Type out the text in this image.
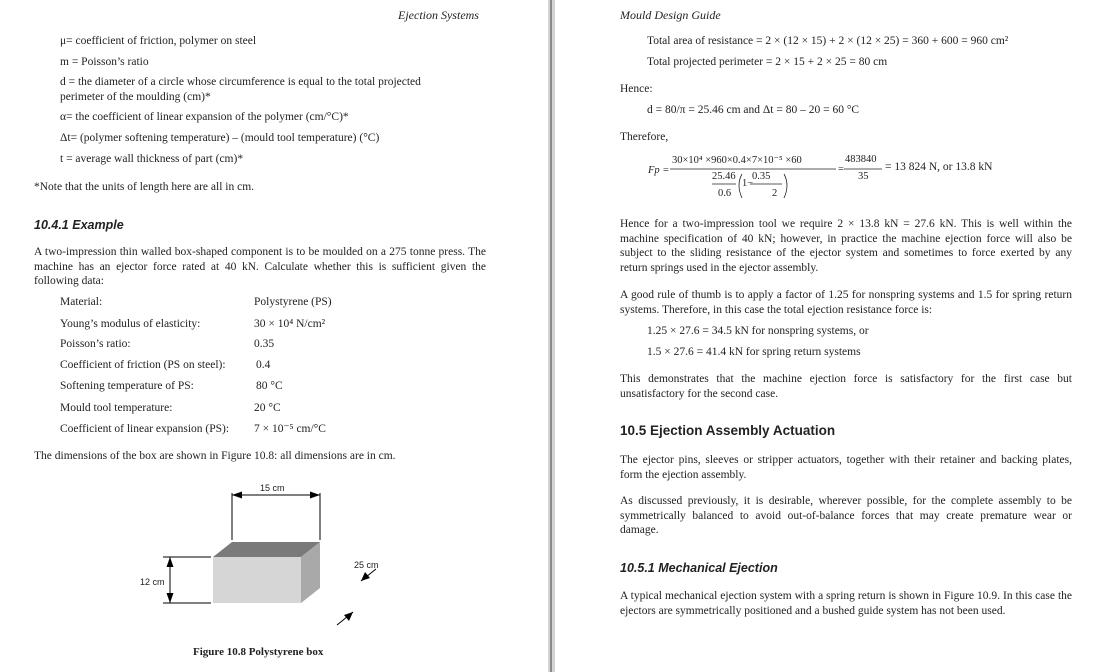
Ejection Systems
μ= coefficient of friction, polymer on steel
m = Poisson’s ratio
d = the diameter of a circle whose circumference is equal to the total projected
perimeter of the moulding (cm)*
α= the coefficient of linear expansion of the polymer (cm/°C)*
Δt= (polymer softening temperature) – (mould tool temperature) (°C)
t = average wall thickness of part (cm)*
*Note that the units of length here are all in cm.
10.4.1 Example
A two-impression thin walled box-shaped component is to be moulded on a 275 tonne press. The machine has an ejector force rated at 40 kN. Calculate whether this is sufficient given the following data:
Material:	Polystyrene (PS)
Young’s modulus of elasticity:	30 × 10⁴ N/cm²
Poisson’s ratio:	0.35
Coefficient of friction (PS on steel):	0.4
Softening temperature of PS:	80 °C
Mould tool temperature:	20 °C
Coefficient of linear expansion (PS): 7 × 10⁻⁵ cm/°C
The dimensions of the box are shown in Figure 10.8: all dimensions are in cm.
15 cm
25 cm
12 cm
Figure 10.8 Polystyrene box
Mould Design Guide
Total area of resistance = 2 × (12 × 15) + 2 × (12 × 25) = 360 + 600 = 960 cm²
Total projected perimeter = 2 × 15 + 2 × 25 = 80 cm
Hence:
d = 80/π = 25.46 cm and Δt = 80 – 20 = 60 °C
Therefore,
Hence for a two-impression tool we require 2 × 13.8 kN = 27.6 kN. This is well within the machine specification of 40 kN; however, in practice the machine ejection force will also be subject to the sliding resistance of the ejector system and sometimes to force exerted by any return springs used in the ejector assembly.
A good rule of thumb is to apply a factor of 1.25 for nonspring systems and 1.5 for spring return systems. Therefore, in this case the total ejection resistance force is:
1.25 × 27.6 = 34.5 kN for nonspring systems, or
1.5 × 27.6 = 41.4 kN for spring return systems
This demonstrates that the machine ejection force is satisfactory for the first case but unsatisfactory for the second case.
10.5 Ejection Assembly Actuation
The ejector pins, sleeves or stripper actuators, together with their retainer and backing plates, form the ejection assembly.
As discussed previously, it is desirable, wherever possible, for the complete assembly to be symmetrically balanced to avoid out-of-balance forces that may create premature wear or damage.
10.5.1 Mechanical Ejection
A typical mechanical ejection system with a spring return is shown in Figure 10.9. In this case the ejectors are symmetrically positioned and a bushed guide system has not been used.
Fp =
30×10⁴ ×960×0.4×7×10⁻⁵ ×60
25.46
0.6
1−
0.35
2
=
483840
35
= 13 824 N, or 13.8 kN
